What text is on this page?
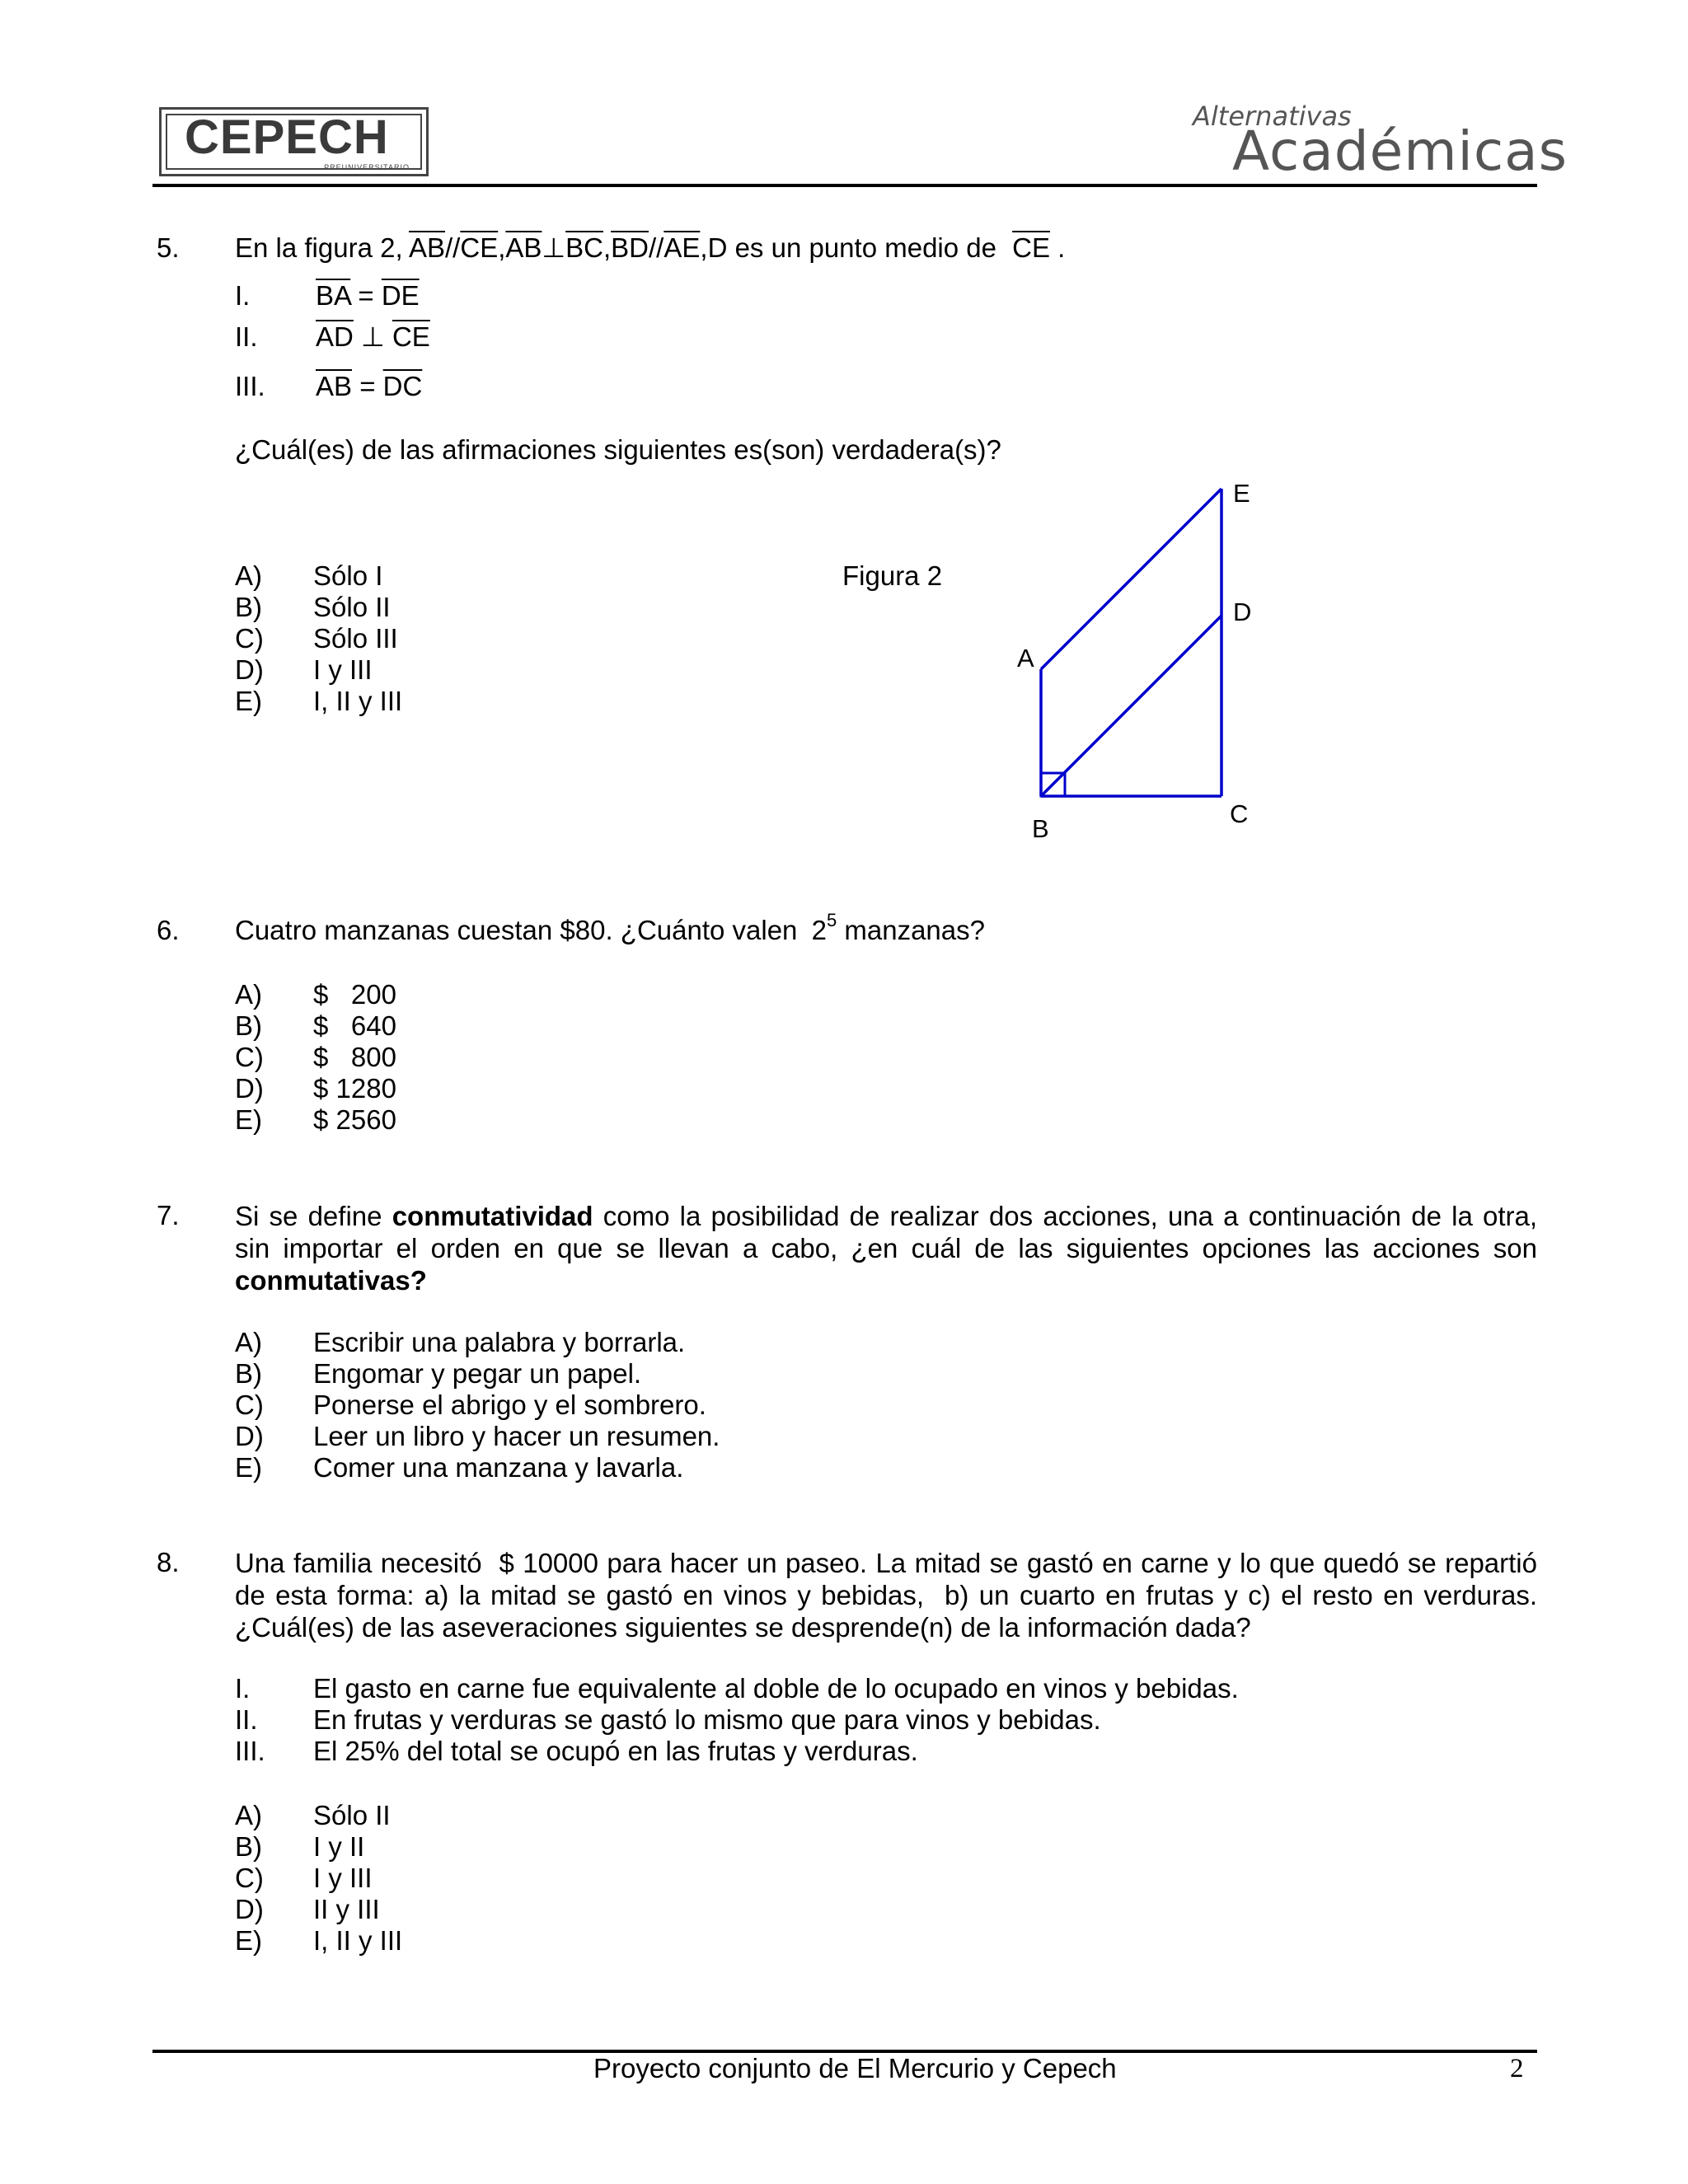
CEPECH
PREUNIVERSITARIO
Alternativas
Académicas
5. En la figura 2, $\overline{AB}//\overline{CE},\overline{AB}\perp\overline{BC},\overline{BD}//\overline{AE},D$ es un punto medio de $\overline{CE}$ .
I. $\overline{BA} = \overline{DE}$
II. $\overline{AD}$ ⊥ $\overline{CE}$
III. $\overline{AB} = \overline{DC}$
¿Cuál(es) de las afirmaciones siguientes es(son) verdadera(s)?
A) Sólo I
B) Sólo II
C) Sólo III
D) I y III
E) I, II y III
Figura 2
E
D
A
C
B
6. Cuatro manzanas cuestan $80. ¿Cuánto valen $2^5$ manzanas?
A) $   200
B) $   640
C) $   800
D) $ 1280
E) $ 2560
7. Si se define conmutatividad como la posibilidad de realizar dos acciones, una a continuación de la otra, sin importar el orden en que se llevan a cabo, ¿en cuál de las siguientes opciones las acciones son conmutativas?
A) Escribir una palabra y borrarla.
B) Engomar y pegar un papel.
C) Ponerse el abrigo y el sombrero.
D) Leer un libro y hacer un resumen.
E) Comer una manzana y lavarla.
8. Una familia necesitó  $ 10000 para hacer un paseo. La mitad se gastó en carne y lo que quedó se repartió de esta forma: a) la mitad se gastó en vinos y bebidas,  b) un cuarto en frutas y c) el resto en verduras. ¿Cuál(es) de las aseveraciones siguientes se desprende(n) de la información dada?
I. El gasto en carne fue equivalente al doble de lo ocupado en vinos y bebidas.
II. En frutas y verduras se gastó lo mismo que para vinos y bebidas.
III. El 25% del total se ocupó en las frutas y verduras.
A) Sólo II
B) I y II
C) I y III
D) II y III
E) I, II y III
Proyecto conjunto de El Mercurio y Cepech	2
